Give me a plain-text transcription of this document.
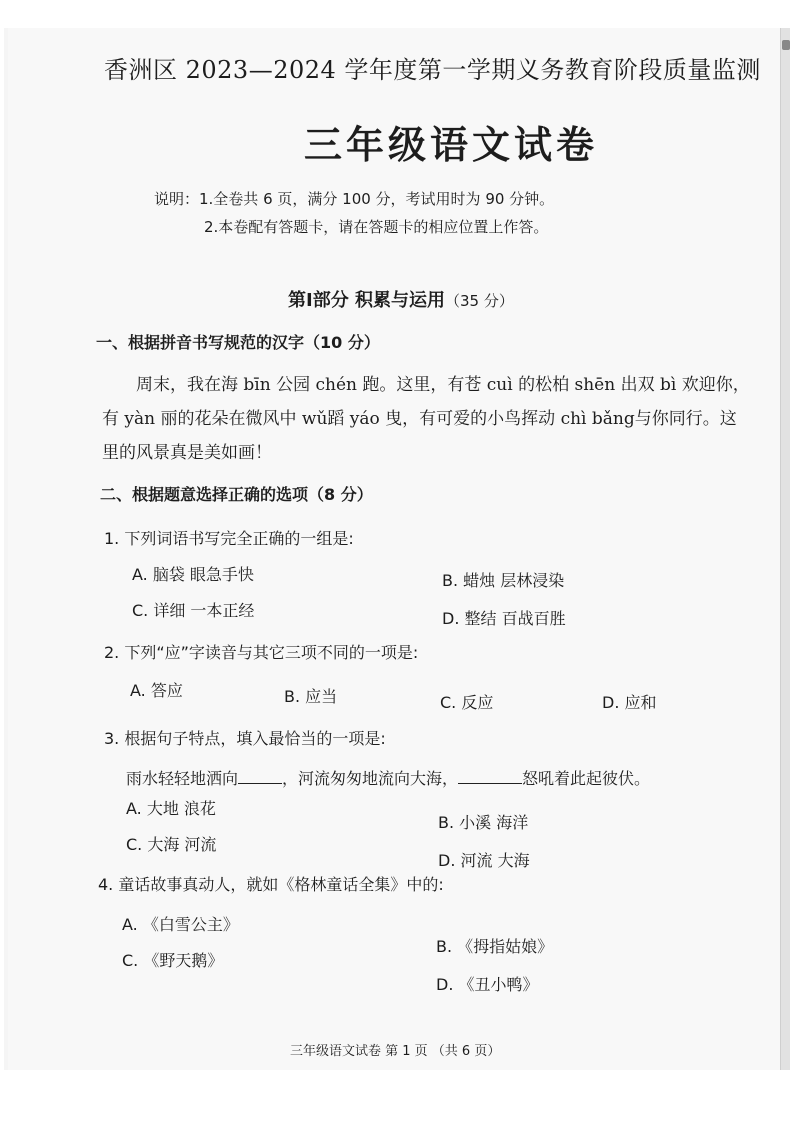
香洲区 2023—2024 学年度第一学期义务教育阶段质量监测
三年级语文试卷
说明：1.全卷共 6 页，满分 100 分，考试用时为 90 分钟。
2.本卷配有答题卡，请在答题卡的相应位置上作答。
第Ⅰ部分 积累与运用（35 分）
一、根据拼音书写规范的汉字（10 分）
周末，我在海 bīn 公园 chén 跑。这里，有苍 cuì 的松柏 shēn 出双 bì 欢迎你，
有 yàn 丽的花朵在微风中 wǔ蹈 yáo 曳，有可爱的小鸟挥动 chì bǎng与你同行。这
里的风景真是美如画！
二、根据题意选择正确的选项（8 分）
1. 下列词语书写完全正确的一组是:
A. 脑袋 眼急手快	B. 蜡烛 层林浸染
C. 详细 一本正经	D. 整结 百战百胜
2. 下列“应”字读音与其它三项不同的一项是:
A. 答应	B. 应当	C. 反应	D. 应和
3. 根据句子特点，填入最恰当的一项是:
雨水轻轻地洒向	，河流匆匆地流向大海，	怒吼着此起彼伏。
A. 大地 浪花
B. 小溪 海洋
C. 大海 河流
D. 河流 大海
4. 童话故事真动人，就如《格林童话全集》中的:
A. 《白雪公主》
B. 《拇指姑娘》
C. 《野天鹅》
D. 《丑小鸭》
三年级语文试卷 第 1 页 （共 6 页）
